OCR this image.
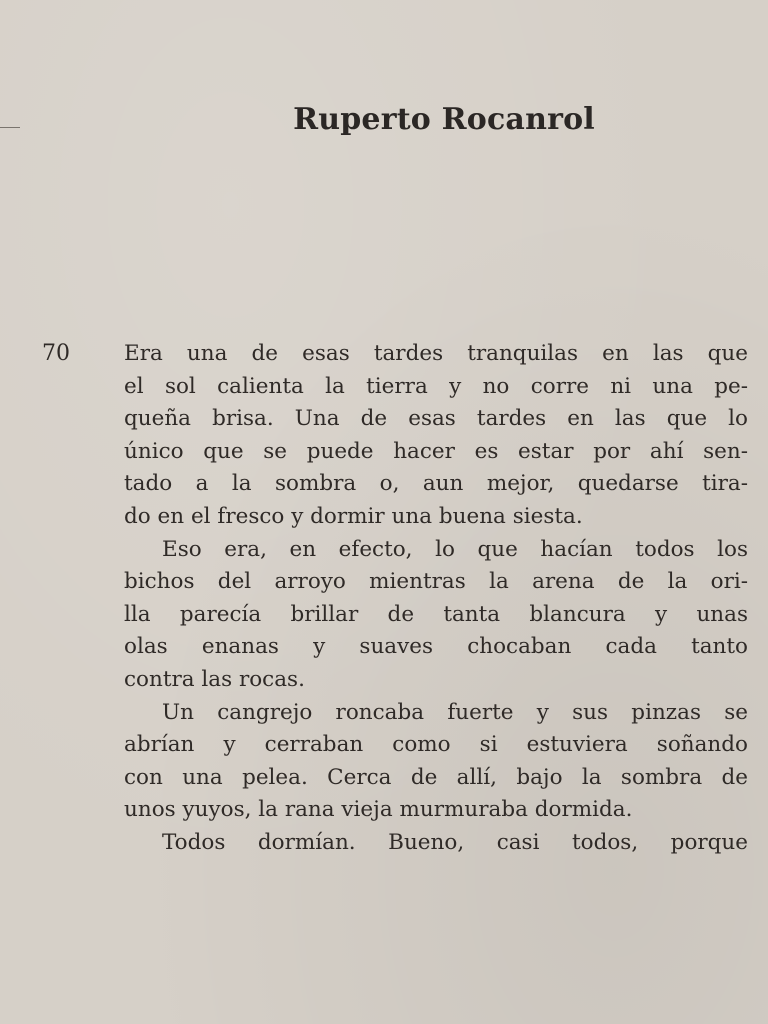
Ruperto Rocanrol
70	Era una de esas tardes tranquilas en las que
el sol calienta la tierra y no corre ni una pe-
queña brisa. Una de esas tardes en las que lo
único que se puede hacer es estar por ahí sen-
tado a la sombra o, aun mejor, quedarse tira-
do en el fresco y dormir una buena siesta.

Eso era, en efecto, lo que hacían todos los
bichos del arroyo mientras la arena de la ori-
lla parecía brillar de tanta blancura y unas
olas enanas y suaves chocaban cada tanto
contra las rocas.

Un cangrejo roncaba fuerte y sus pinzas se
abrían y cerraban como si estuviera soñando
con una pelea. Cerca de allí, bajo la sombra de
unos yuyos, la rana vieja murmuraba dormida.

Todos dormían. Bueno, casi todos, porque
